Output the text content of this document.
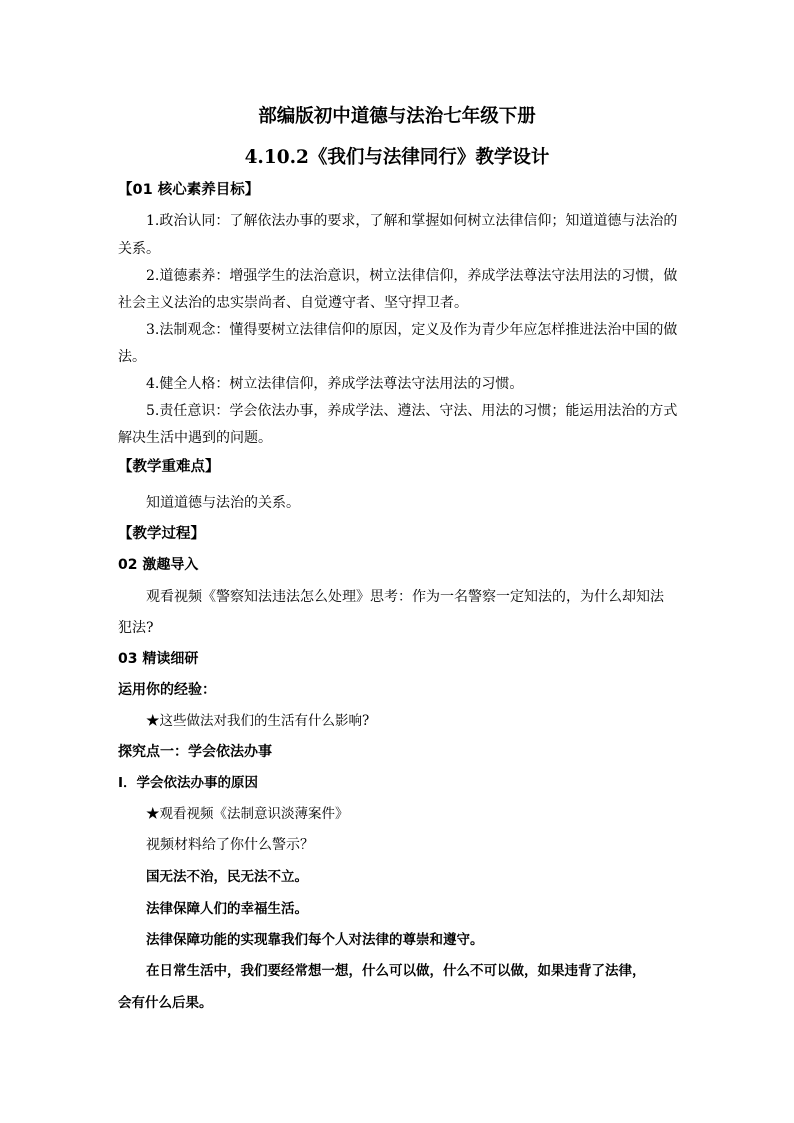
部编版初中道德与法治七年级下册
4.10.2《我们与法律同行》教学设计
【01 核心素养目标】
1.政治认同：了解依法办事的要求，了解和掌握如何树立法律信仰；知道道德与法治的
关系。
2.道德素养：增强学生的法治意识，树立法律信仰，养成学法尊法守法用法的习惯，做
社会主义法治的忠实崇尚者、自觉遵守者、坚守捍卫者。
3.法制观念：懂得要树立法律信仰的原因，定义及作为青少年应怎样推进法治中国的做
法。
4.健全人格：树立法律信仰，养成学法尊法守法用法的习惯。
5.责任意识：学会依法办事，养成学法、遵法、守法、用法的习惯；能运用法治的方式
解决生活中遇到的问题。
【教学重难点】
知道道德与法治的关系。
【教学过程】
02 激趣导入
观看视频《警察知法违法怎么处理》思考：作为一名警察一定知法的，为什么却知法
犯法?
03 精读细研
运用你的经验：
★这些做法对我们的生活有什么影响?
探究点一：学会依法办事
Ⅰ．学会依法办事的原因
★观看视频《法制意识淡薄案件》
视频材料给了你什么警示？
国无法不治，民无法不立。
法律保障人们的幸福生活。
法律保障功能的实现靠我们每个人对法律的尊崇和遵守。
在日常生活中，我们要经常想一想，什么可以做，什么不可以做，如果违背了法律，
会有什么后果。
